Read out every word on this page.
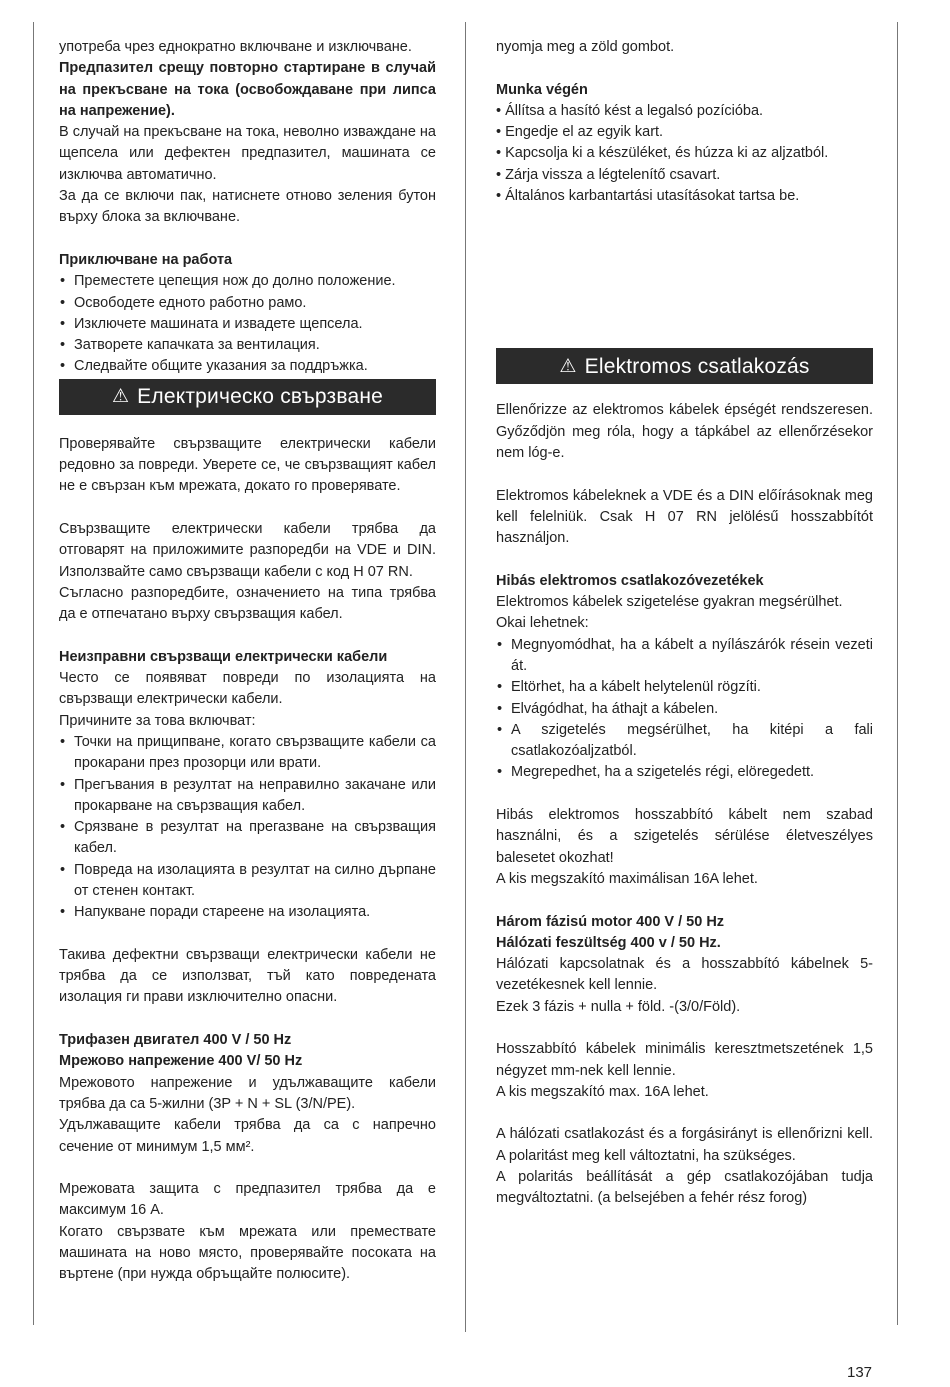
употреба чрез еднократно включване и изключване.

Предпазител срещу повторно стартиране в случай на прекъсване на тока (освобождаване при липса на напрежение).

В случай на прекъсване на тока, неволно изваждане на щепсела или дефектен предпазител, машината се изключва автоматично.

За да се включи пак, натиснете отново зеления бутон върху блока за включване.

Приключване на работа

• Преместете цепещия нож до долно положение.
• Освободете едното работно рамо.
• Изключете машината и извадете щепсела.
• Затворете капачката за вентилация.
• Следвайте общите указания за поддръжка.
⚠ Електрическо свързване

Проверявайте свързващите електрически кабели редовно за повреди. Уверете се, че свързващият кабел не е свързан към мрежата, докато го проверявате.

Свързващите електрически кабели трябва да отговарят на приложимите разпоредби на VDE и DIN. Използвайте само свързващи кабели с код H 07 RN.

Съгласно разпоредбите, означението на типа трябва да е отпечатано върху свързващия кабел.

Неизправни свързващи електрически кабели

Често се появяват повреди по изолацията на свързващи електрически кабели.

Причините за това включват:

• Точки на прищипване, когато свързващите кабели са прокарани през прозорци или врати.
• Прегъвания в резултат на неправилно закачане или прокарване на свързващия кабел.
• Срязване в резултат на прегазване на свързващия кабел.
• Повреда на изолацията в резултат на силно дърпане от стенен контакт.
• Напукване поради стареене на изолацията.

Такива дефектни свързващи електрически кабели не трябва да се използват, тъй като повредената изолация ги прави изключително опасни.

Трифазен двигател 400 V / 50 Hz

Мрежово напрежение 400 V/ 50 Hz

Мрежовото напрежение и удължаващите кабели трябва да са 5-жилни (3P + N + SL (3/N/PE).

Удължаващите кабели трябва да са с напречно сечение от минимум 1,5 мм².

Мрежовата защита с предпазител трябва да е максимум 16 A.

Когато свързвате към мрежата или премествате машината на ново място, проверявайте посоката на въртене (при нужда обръщайте полюсите).

nyomja meg a zöld gombot.

Munka végén

• Állítsa a hasító kést a legalsó pozícióba.
• Engedje el az egyik kart.
• Kapcsolja ki a készüléket, és húzza ki az aljzatból.
• Zárja vissza a légtelenítő csavart.
• Általános karbantartási utasításokat tartsa be.
⚠ Elektromos csatlakozás

Ellenőrizze az elektromos kábelek épségét rendszeresen. Győződjön meg róla, hogy a tápkábel az ellenőrzésekor nem lóg-e.

Elektromos kábeleknek a VDE és a DIN előírásoknak meg kell felelniük. Csak H 07 RN jelölésű hosszabbítót használjon.

Hibás elektromos csatlakozóvezetékek

Elektromos kábelek szigetelése gyakran megsérülhet.

Okai lehetnek:

• Megnyomódhat, ha a kábelt a nyílászárók résein vezeti át.
• Eltörhet, ha a kábelt helytelenül rögzíti.
• Elvágódhat, ha áthajt a kábelen.
• A szigetelés megsérülhet, ha kitépi a fali csatlakozóaljzatból.
• Megrepedhet, ha a szigetelés régi, elöregedett.

Hibás elektromos hosszabbító kábelt nem szabad használni, és a szigetelés sérülése életveszélyes balesetet okozhat!

A kis megszakító maximálisan 16A lehet.

Három fázisú motor 400 V / 50 Hz

Hálózati feszültség 400 v / 50 Hz.

Hálózati kapcsolatnak és a hosszabbító kábelnek 5-vezetékesnek kell lennie.

Ezek 3 fázis + nulla + föld. -(3/0/Föld).

Hosszabbító kábelek minimális keresztmetszetének 1,5 négyzet mm-nek kell lennie.

A kis megszakító max. 16A lehet.

A hálózati csatlakozást és a forgásirányt is ellenőrizni kell. A polaritást meg kell változtatni, ha szükséges.

A polaritás beállítását a gép csatlakozójában tudja megváltoztatni. (a belsejében a fehér rész forog)

137
